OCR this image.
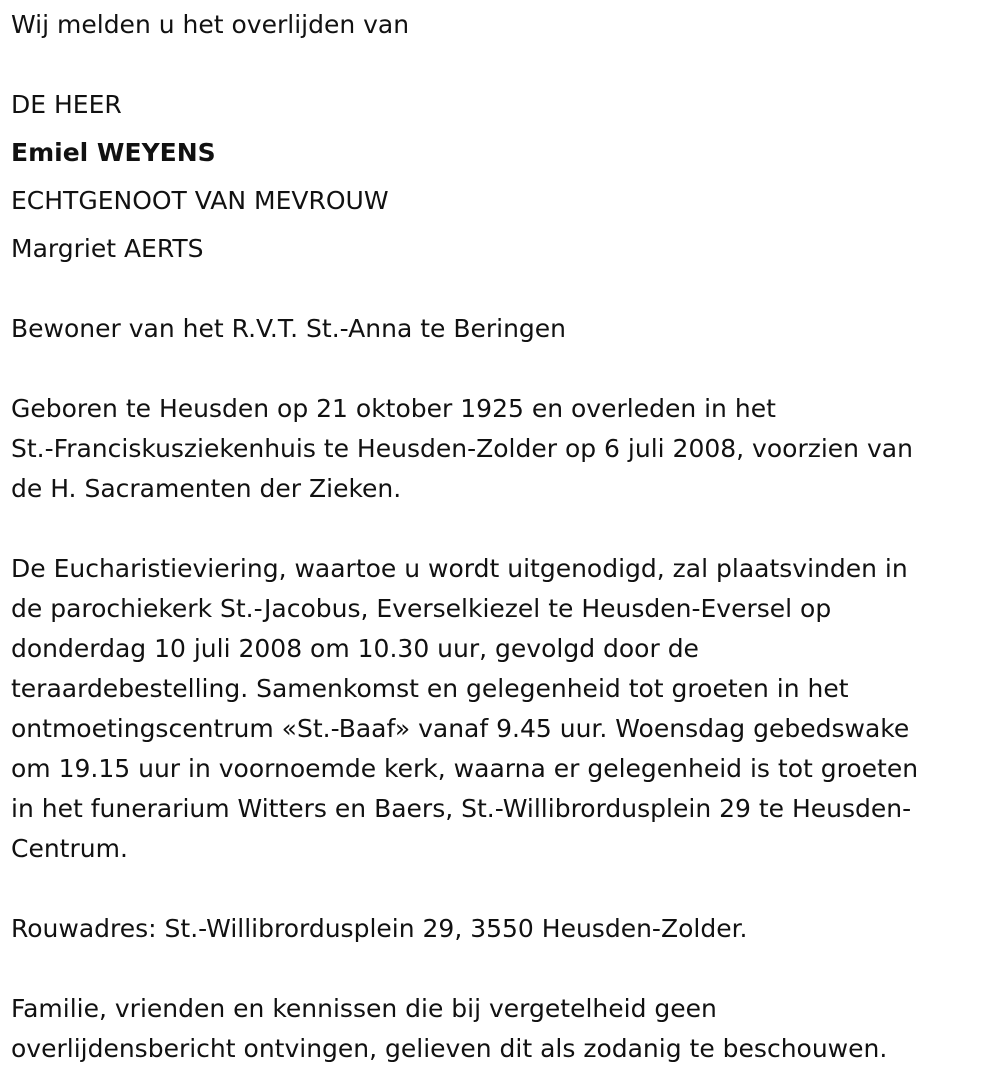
Wij melden u het overlijden van
DE HEER
Emiel WEYENS
ECHTGENOOT VAN MEVROUW
Margriet AERTS
Bewoner van het R.V.T. St.-Anna te Beringen
Geboren te Heusden op 21 oktober 1925 en overleden in het
St.-Franciskusziekenhuis te Heusden-Zolder op 6 juli 2008, voorzien van
de H. Sacramenten der Zieken.
De Eucharistieviering, waartoe u wordt uitgenodigd, zal plaatsvinden in
de parochiekerk St.-Jacobus, Everselkiezel te Heusden-Eversel op
donderdag 10 juli 2008 om 10.30 uur, gevolgd door de
teraardebestelling. Samenkomst en gelegenheid tot groeten in het
ontmoetingscentrum «St.-Baaf» vanaf 9.45 uur. Woensdag gebedswake
om 19.15 uur in voornoemde kerk, waarna er gelegenheid is tot groeten
in het funerarium Witters en Baers, St.-Willibrordusplein 29 te Heusden-
Centrum.
Rouwadres: St.-Willibrordusplein 29, 3550 Heusden-Zolder.
Familie, vrienden en kennissen die bij vergetelheid geen
overlijdensbericht ontvingen, gelieven dit als zodanig te beschouwen.
